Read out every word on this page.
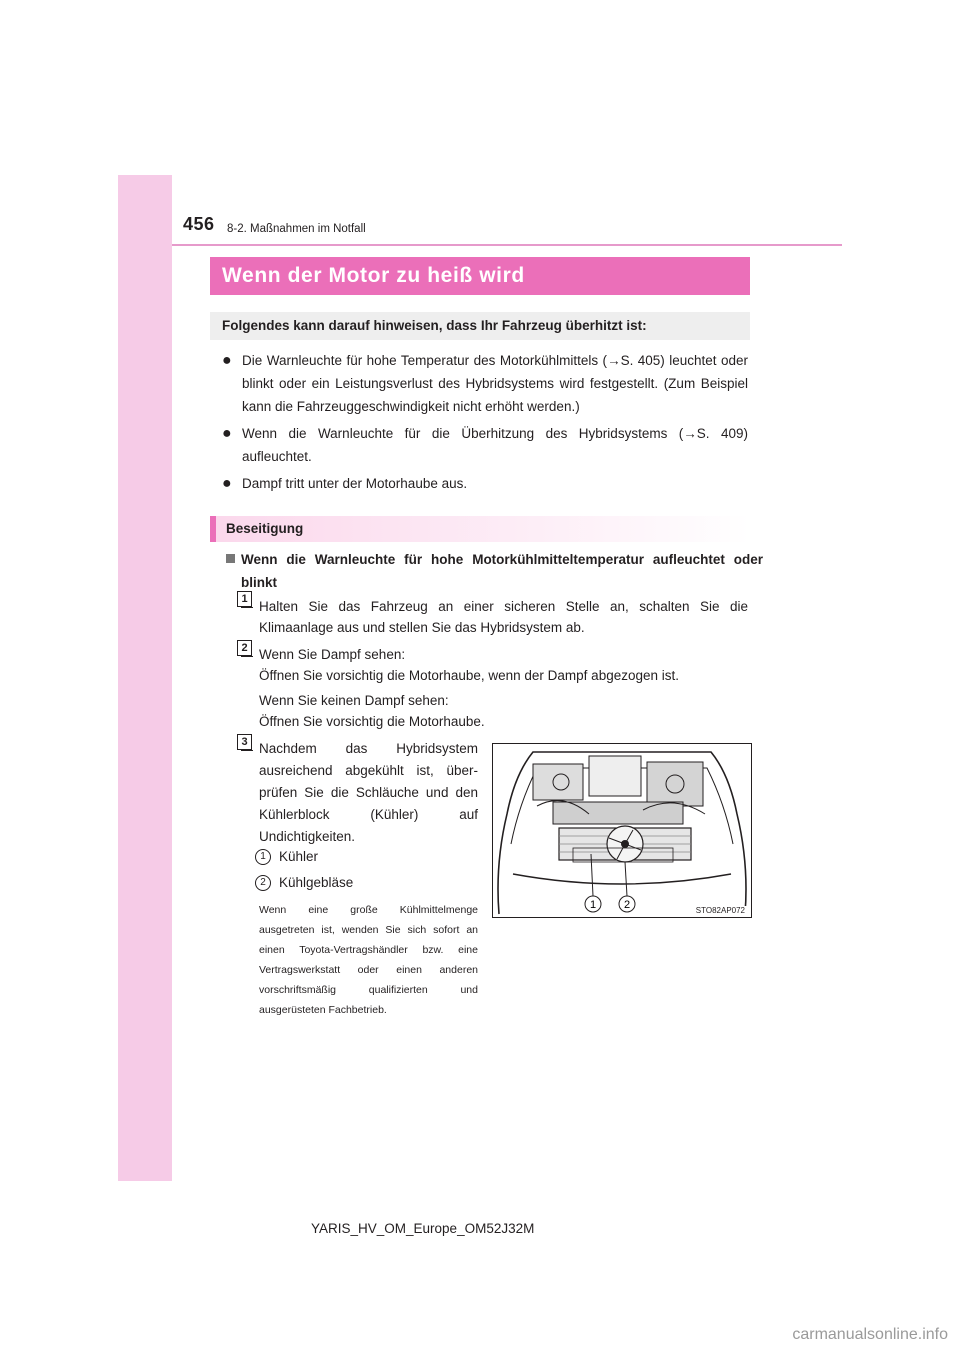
456 8-2. Maßnahmen im Notfall
Wenn der Motor zu heiß wird
Folgendes kann darauf hinweisen, dass Ihr Fahrzeug überhitzt ist:
● Die Warnleuchte für hohe Temperatur des Motorkühlmittels (→S. 405) leuchtet oder blinkt oder ein Leistungsverlust des Hybridsystems wird festgestellt. (Zum Beispiel kann die Fahrzeuggeschwindigkeit nicht erhöht werden.)
● Wenn die Warnleuchte für die Überhitzung des Hybridsystems (→S. 409) aufleuchtet.
● Dampf tritt unter der Motorhaube aus.
Beseitigung
Wenn die Warnleuchte für hohe Motorkühlmitteltemperatur aufleuchtet oder blinkt
1 Halten Sie das Fahrzeug an einer sicheren Stelle an, schalten Sie die Klimaanlage aus und stellen Sie das Hybridsystem ab.
2 Wenn Sie Dampf sehen:
Öffnen Sie vorsichtig die Motorhaube, wenn der Dampf abgezogen ist.
Wenn Sie keinen Dampf sehen:
Öffnen Sie vorsichtig die Motorhaube.
3 Nachdem das Hybridsystem ausreichend abgekühlt ist, überprüfen Sie die Schläuche und den Kühlerblock (Kühler) auf Undichtigkeiten.
1 Kühler
2 Kühlgebläse
Wenn eine große Kühlmittelmenge ausgetreten ist, wenden Sie sich sofort an einen Toyota-Vertragshändler bzw. eine Vertragswerkstatt oder einen anderen vorschriftsmäßig qualifizierten und ausgerüsteten Fachbetrieb.
1	2	STO82AP072
YARIS_HV_OM_Europe_OM52J32M
carmanualsonline.info
